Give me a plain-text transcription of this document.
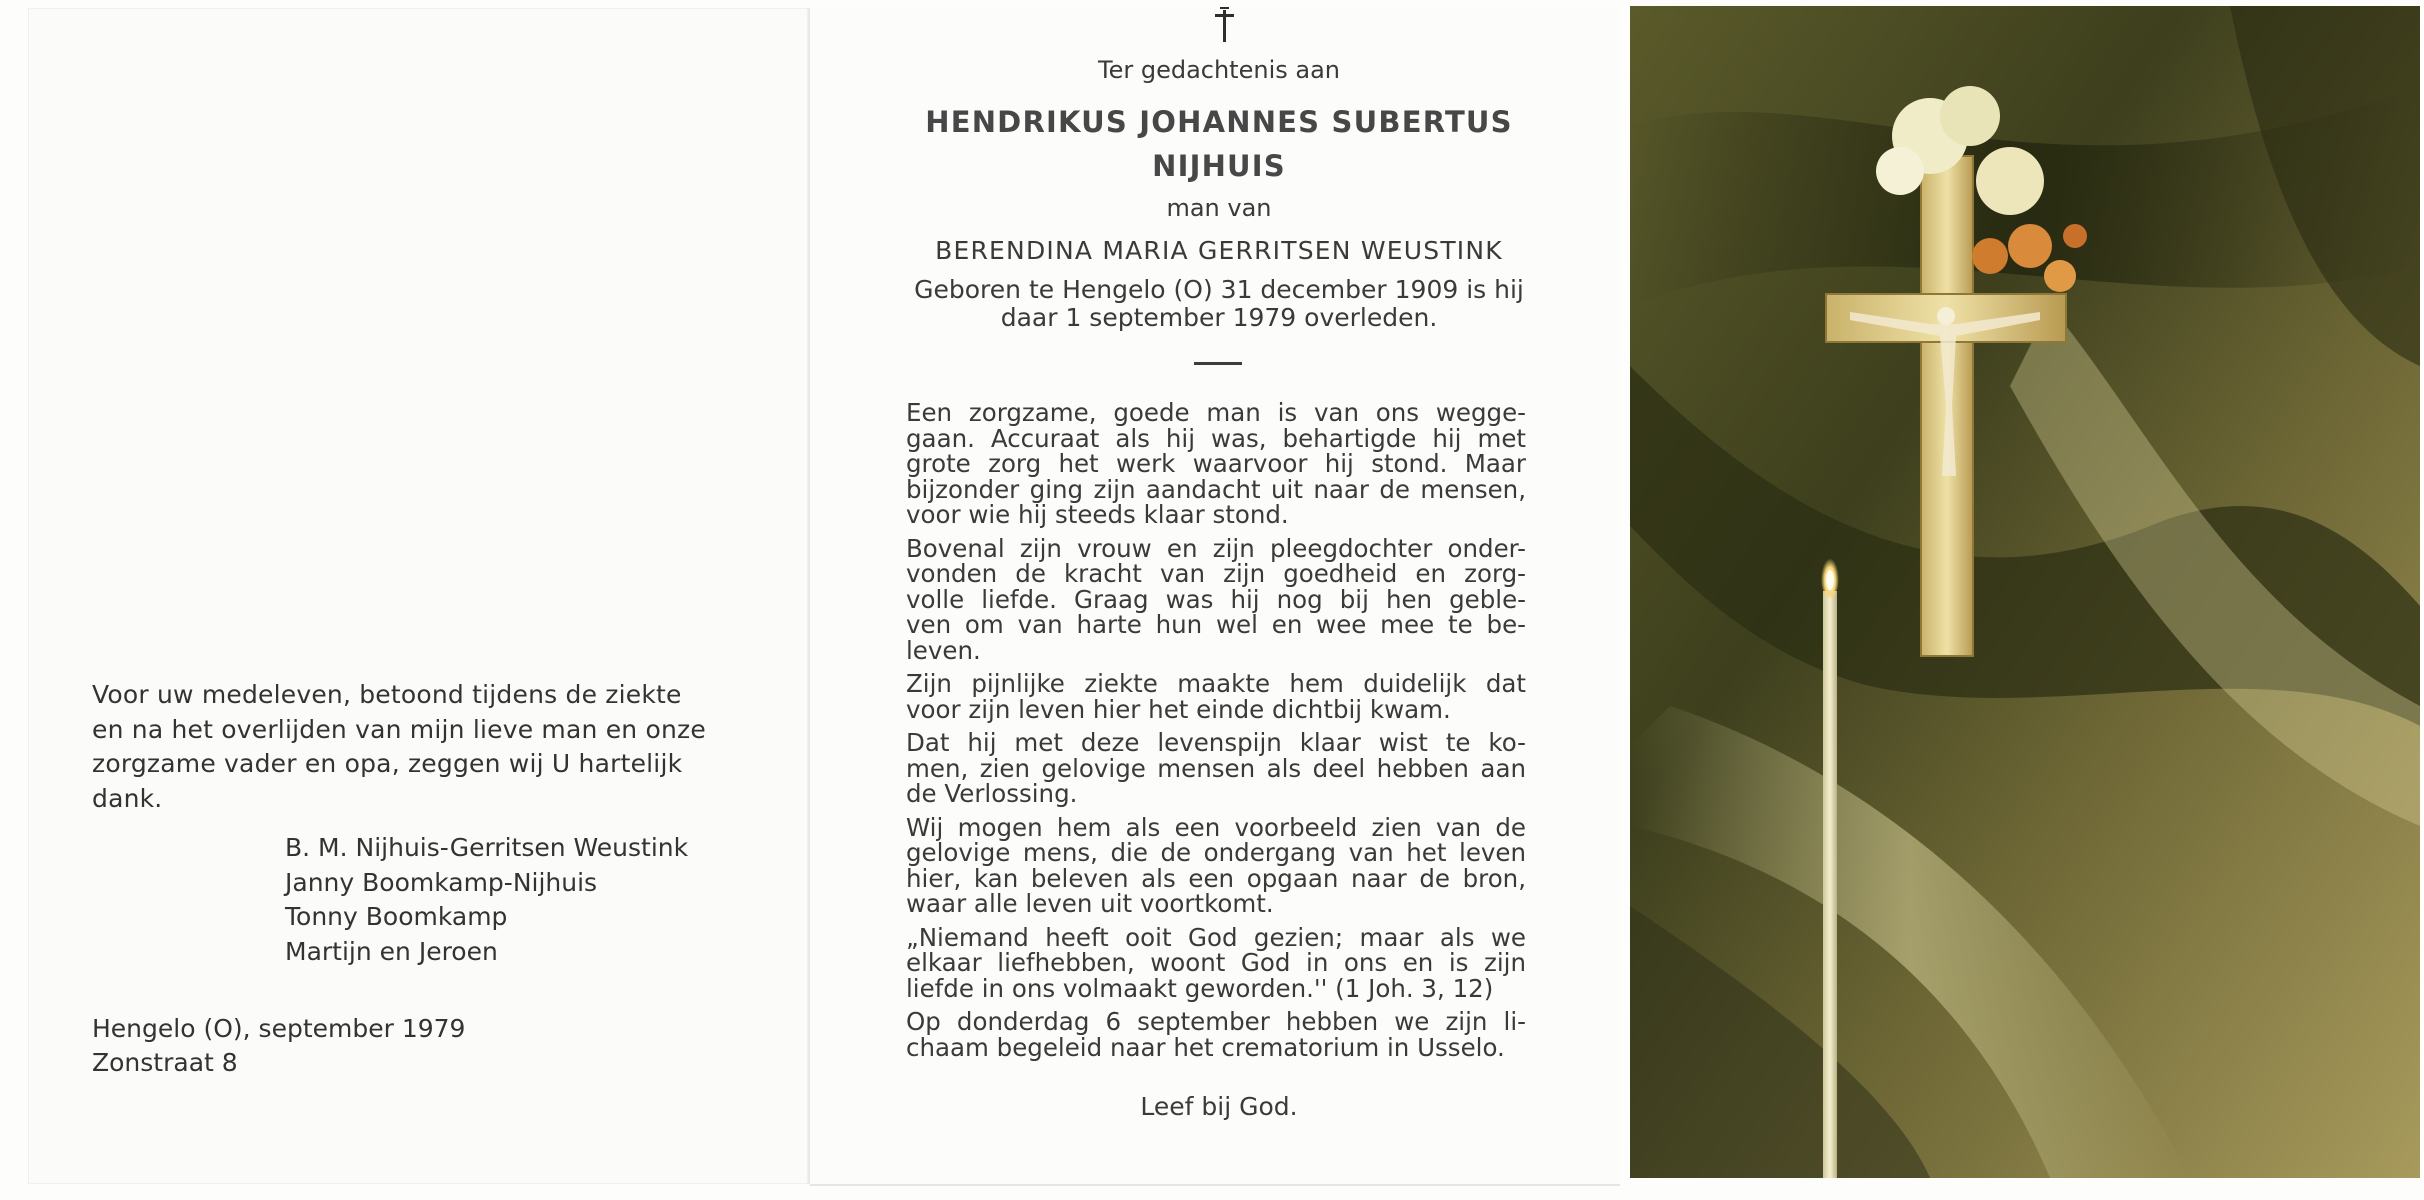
Voor uw medeleven, betoond tijdens de ziekte
en na het overlijden van mijn lieve man en onze
zorgzame vader en opa, zeggen wij U hartelijk
dank.
B. M. Nijhuis-Gerritsen Weustink
Janny Boomkamp-Nijhuis
Tonny Boomkamp
Martijn en Jeroen
Hengelo (O), september 1979
Zonstraat 8
Ter gedachtenis aan
HENDRIKUS JOHANNES SUBERTUS
NIJHUIS
man van
BERENDINA MARIA GERRITSEN WEUSTINK
Geboren te Hengelo (O) 31 december 1909 is hij
daar 1 september 1979 overleden.

Een zorgzame, goede man is van ons wegge-
gaan. Accuraat als hij was, behartigde hij met
grote zorg het werk waarvoor hij stond. Maar
bijzonder ging zijn aandacht uit naar de mensen,
voor wie hij steeds klaar stond.

Bovenal zijn vrouw en zijn pleegdochter onder-
vonden de kracht van zijn goedheid en zorg-
volle liefde. Graag was hij nog bij hen geble-
ven om van harte hun wel en wee mee te be-
leven.

Zijn pijnlijke ziekte maakte hem duidelijk dat
voor zijn leven hier het einde dichtbij kwam.

Dat hij met deze levenspijn klaar wist te ko-
men, zien gelovige mensen als deel hebben aan
de Verlossing.

Wij mogen hem als een voorbeeld zien van de
gelovige mens, die de ondergang van het leven
hier, kan beleven als een opgaan naar de bron,
waar alle leven uit voortkomt.

„Niemand heeft ooit God gezien; maar als we
elkaar liefhebben, woont God in ons en is zijn
liefde in ons volmaakt geworden.'' (1 Joh. 3, 12)

Op donderdag 6 september hebben we zijn li-
chaam begeleid naar het crematorium in Usselo.

Leef bij God.
